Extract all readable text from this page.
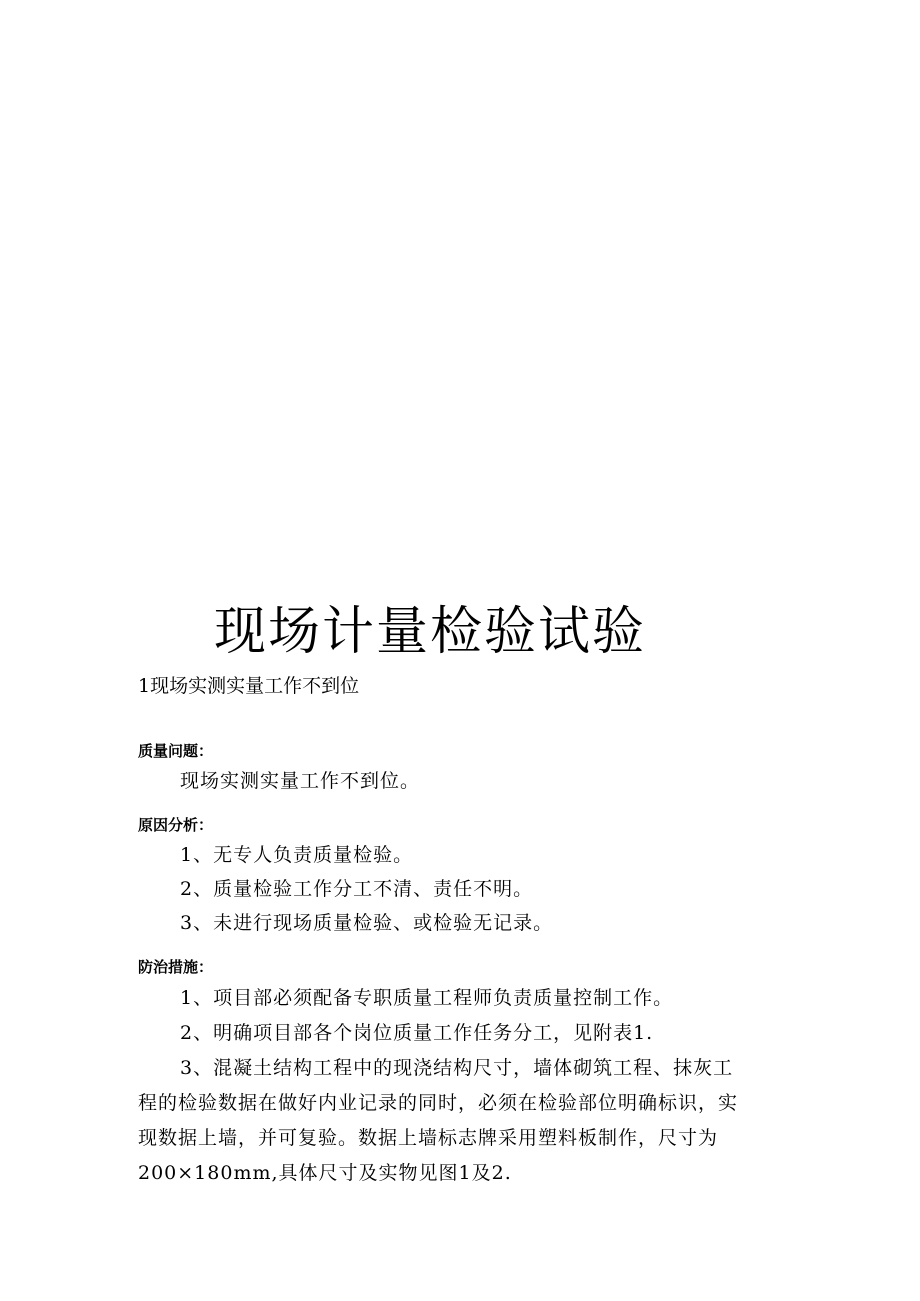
现场计量检验试验
1现场实测实量工作不到位
质量问题：
现场实测实量工作不到位。
原因分析：
1、无专人负责质量检验。
2、质量检验工作分工不清、责任不明。
3、未进行现场质量检验、或检验无记录。
防治措施：
1、项目部必须配备专职质量工程师负责质量控制工作。
2、明确项目部各个岗位质量工作任务分工，见附表1.
3、混凝土结构工程中的现浇结构尺寸，墙体砌筑工程、抹灰工
程的检验数据在做好内业记录的同时，必须在检验部位明确标识，实
现数据上墙，并可复验。数据上墙标志牌采用塑料板制作，尺寸为
200×180mm,具体尺寸及实物见图1及2.
